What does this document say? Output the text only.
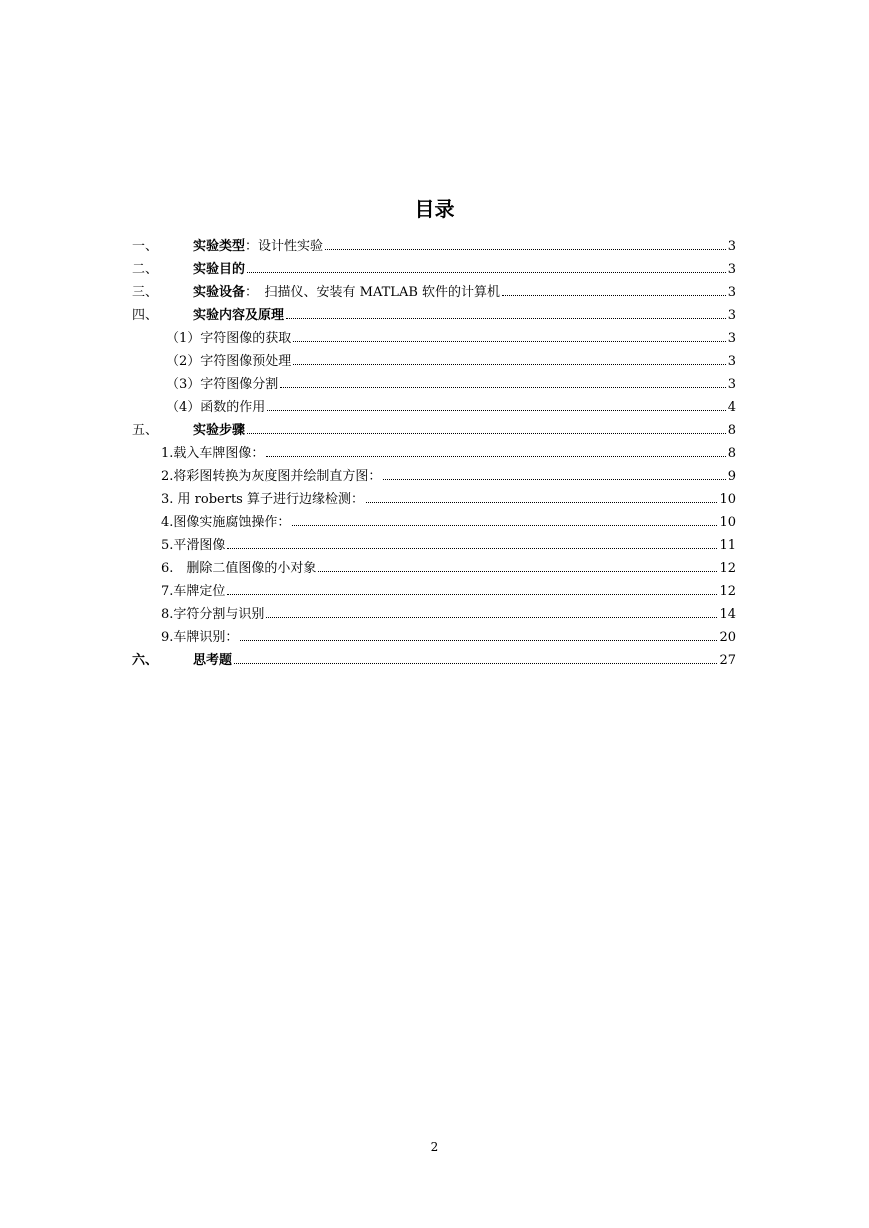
目录
一、	实验类型 ：设计性实验	3
二、	实验目的	3
三、	实验设备 ：　扫描仪、安装有 MATLAB 软件的计算机	3
四、	实验内容及原理	3
（1）字符图像的获取	3
（2）字符图像预处理	3
（3）字符图像分割	3
（4）函数的作用	4
五、	实验步骤	8
1.载入车牌图像：	8
2.将彩图转换为灰度图并绘制直方图：	9
3. 用 roberts 算子进行边缘检测：	10
4.图像实施腐蚀操作：	10
5.平滑图像	11
6.　删除二值图像的小对象	12
7.车牌定位	12
8.字符分割与识别	14
9.车牌识别：	20
六、	思考题	27
2
